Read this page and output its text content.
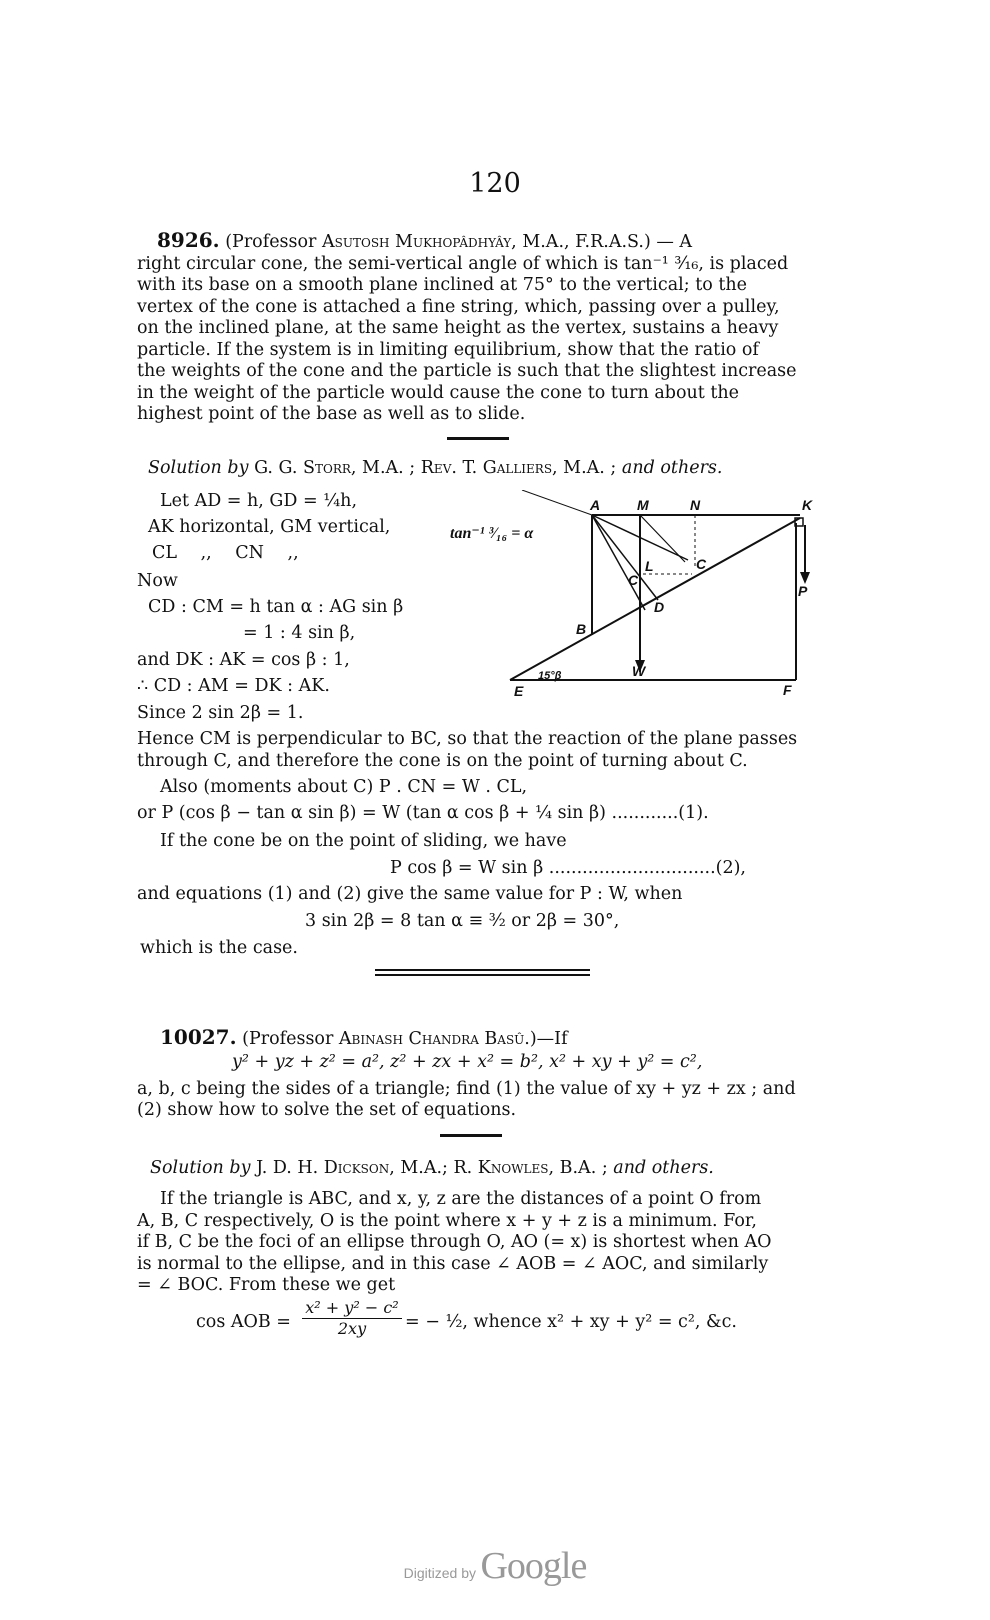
120
8926. (Professor Asutosh Mukhopâdhyây, M.A., F.R.A.S.) — A
right circular cone, the semi-vertical angle of which is tan⁻¹ ³⁄₁₆, is placed
with its base on a smooth plane inclined at 75° to the vertical; to the
vertex of the cone is attached a fine string, which, passing over a pulley,
on the inclined plane, at the same height as the vertex, sustains a heavy
particle. If the system is in limiting equilibrium, show that the ratio of
the weights of the cone and the particle is such that the slightest increase
in the weight of the particle would cause the cone to turn about the
highest point of the base as well as to slide.
Solution by G. G. Storr, M.A. ; Rev. T. Galliers, M.A. ; and others.
Let AD = h, GD = ¼h,
AK horizontal, GM vertical,
CL ,, CN ,,
Now
CD : CM = h tan α : AG sin β
= 1 : 4 sin β,
and DK : AK = cos β : 1,
∴ CD : AM = DK : AK.
Since 2 sin 2β = 1.
tan⁻¹ ³⁄₁₆ = α
A	M	N	K
C
L	C
P
D
B
W
E	F
15°β
Hence CM is perpendicular to BC, so that the reaction of the plane passes
through C, and therefore the cone is on the point of turning about C.
Also (moments about C) P . CN = W . CL,
or P (cos β − tan α sin β) = W (tan α cos β + ¼ sin β) ............(1).
If the cone be on the point of sliding, we have
P cos β = W sin β ..............................(2),
and equations (1) and (2) give the same value for P : W, when
3 sin 2β = 8 tan α ≡ ³⁄₂ or 2β = 30°,
which is the case.
10027. (Professor Abinash Chandra Basû.)—If
y² + yz + z² = a², z² + zx + x² = b², x² + xy + y² = c²,
a, b, c being the sides of a triangle; find (1) the value of xy + yz + zx ; and
(2) show how to solve the set of equations.
Solution by J. D. H. Dickson, M.A.; R. Knowles, B.A. ; and others.
If the triangle is ABC, and x, y, z are the distances of a point O from
A, B, C respectively, O is the point where x + y + z is a minimum. For,
if B, C be the foci of an ellipse through O, AO (= x) is shortest when AO
is normal to the ellipse, and in this case ∠ AOB = ∠ AOC, and similarly
= ∠ BOC. From these we get
cos AOB = $\frac{\text{x² + y² − c²}}{2xy}$ = − ½, whence x² + xy + y² = c², &c.
Digitized by Google
